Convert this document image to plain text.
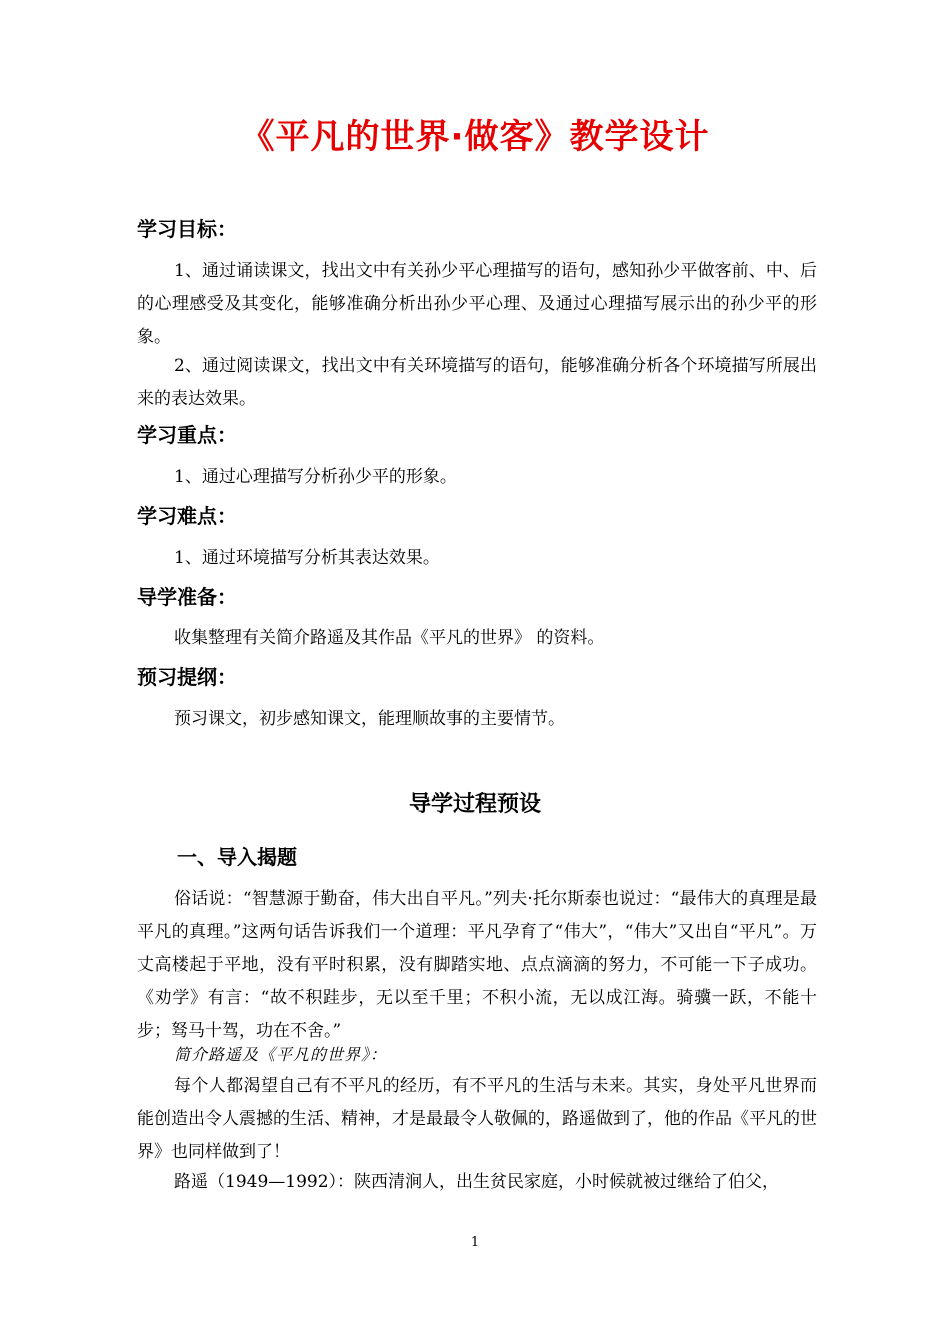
《平凡的世界·做客》教学设计
学习目标：
1、通过诵读课文，找出文中有关孙少平心理描写的语句，感知孙少平做客前、中、后的心理感受及其变化，能够准确分析出孙少平心理、及通过心理描写展示出的孙少平的形象。
2、通过阅读课文，找出文中有关环境描写的语句，能够准确分析各个环境描写所展出来的表达效果。
学习重点：
1、通过心理描写分析孙少平的形象。
学习难点：
1、通过环境描写分析其表达效果。
导学准备：
收集整理有关简介路遥及其作品《平凡的世界》 的资料。
预习提纲：
预习课文，初步感知课文，能理顺故事的主要情节。
导学过程预设
一、导入揭题
俗话说：“智慧源于勤奋，伟大出自平凡。”列夫·托尔斯泰也说过：“最伟大的真理是最平凡的真理。”这两句话告诉我们一个道理：平凡孕育了“伟大”，“伟大”又出自“平凡”。万丈高楼起于平地，没有平时积累，没有脚踏实地、点点滴滴的努力，不可能一下子成功。《劝学》有言：“故不积跬步，无以至千里；不积小流，无以成江海。骑骥一跃，不能十步；驽马十驾，功在不舍。”
简介路遥及《平凡的世界》：
每个人都渴望自己有不平凡的经历，有不平凡的生活与未来。其实，身处平凡世界而能创造出令人震撼的生活、精神，才是最最令人敬佩的，路遥做到了，他的作品《平凡的世界》也同样做到了！
路遥（1949—1992）：陕西清涧人，出生贫民家庭，小时候就被过继给了伯父，
1
